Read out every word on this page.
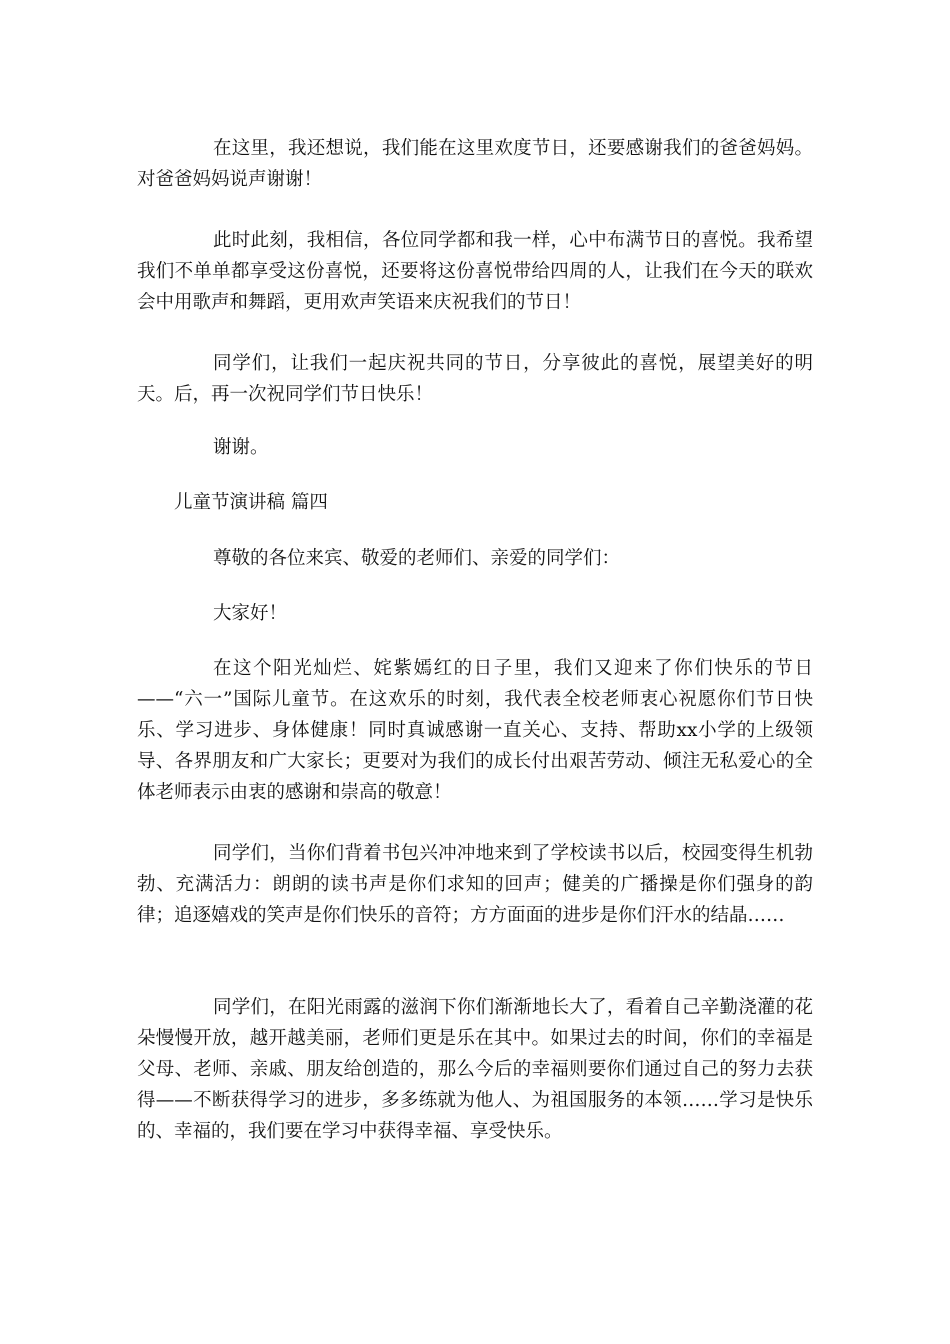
在这里，我还想说，我们能在这里欢度节日，还要感谢我们的爸爸妈妈。对爸爸妈妈说声谢谢！

此时此刻，我相信，各位同学都和我一样，心中布满节日的喜悦。我希望我们不单单都享受这份喜悦，还要将这份喜悦带给四周的人，让我们在今天的联欢会中用歌声和舞蹈，更用欢声笑语来庆祝我们的节日！

同学们，让我们一起庆祝共同的节日，分享彼此的喜悦，展望美好的明天。后，再一次祝同学们节日快乐！

谢谢。

儿童节演讲稿 篇四

尊敬的各位来宾、敬爱的老师们、亲爱的同学们：

大家好！

在这个阳光灿烂、姹紫嫣红的日子里，我们又迎来了你们快乐的节日——“六一”国际儿童节。在这欢乐的时刻，我代表全校老师衷心祝愿你们节日快乐、学习进步、身体健康！同时真诚感谢一直关心、支持、帮助xx小学的上级领导、各界朋友和广大家长；更要对为我们的成长付出艰苦劳动、倾注无私爱心的全体老师表示由衷的感谢和崇高的敬意！

同学们，当你们背着书包兴冲冲地来到了学校读书以后，校园变得生机勃勃、充满活力：朗朗的读书声是你们求知的回声；健美的广播操是你们强身的韵律；追逐嬉戏的笑声是你们快乐的音符；方方面面的进步是你们汗水的结晶……

同学们，在阳光雨露的滋润下你们渐渐地长大了，看着自己辛勤浇灌的花朵慢慢开放，越开越美丽，老师们更是乐在其中。如果过去的时间，你们的幸福是父母、老师、亲戚、朋友给创造的，那么今后的幸福则要你们通过自己的努力去获得——不断获得学习的进步，多多练就为他人、为祖国服务的本领……学习是快乐的、幸福的，我们要在学习中获得幸福、享受快乐。
